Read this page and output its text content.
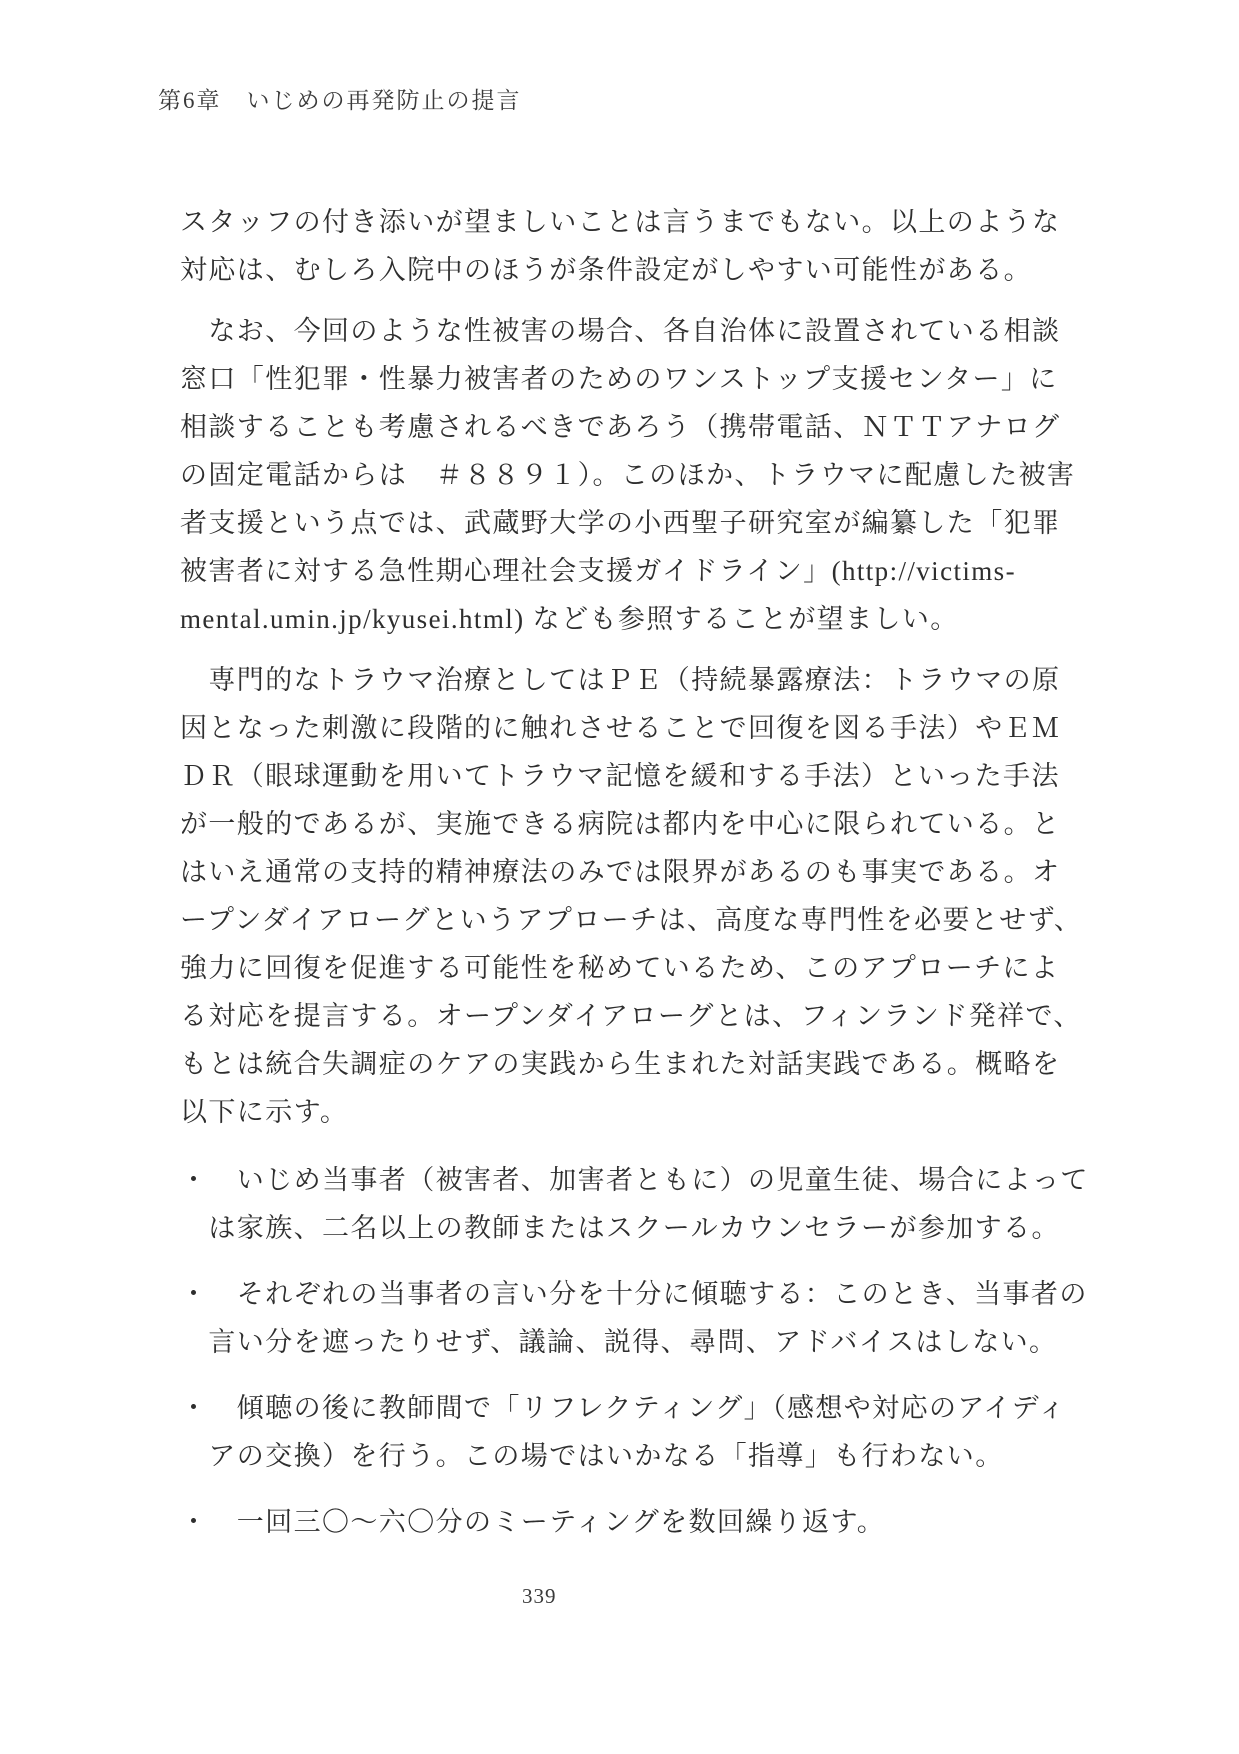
第6章　いじめの再発防止の提言
スタッフの付き添いが望ましいことは言うまでもない。以上のような
対応は、むしろ入院中のほうが条件設定がしやすい可能性がある。
　なお、今回のような性被害の場合、各自治体に設置されている相談
窓口「性犯罪・性暴力被害者のためのワンストップ支援センター」に
相談することも考慮されるべきであろう（携帯電話、ＮＴＴアナログ
の固定電話からは　＃８８９１）。このほか、トラウマに配慮した被害
者支援という点では、武蔵野大学の小西聖子研究室が編纂した「犯罪
被害者に対する急性期心理社会支援ガイドライン」(http://victims-
mental.umin.jp/kyusei.html) なども参照することが望ましい。
　専門的なトラウマ治療としてはＰＥ（持続暴露療法：トラウマの原
因となった刺激に段階的に触れさせることで回復を図る手法）やＥＭ
ＤＲ（眼球運動を用いてトラウマ記憶を緩和する手法）といった手法
が一般的であるが、実施できる病院は都内を中心に限られている。と
はいえ通常の支持的精神療法のみでは限界があるのも事実である。オ
ープンダイアローグというアプローチは、高度な専門性を必要とせず、
強力に回復を促進する可能性を秘めているため、このアプローチによ
る対応を提言する。オープンダイアローグとは、フィンランド発祥で、
もとは統合失調症のケアの実践から生まれた対話実践である。概略を
以下に示す。
・　いじめ当事者（被害者、加害者ともに）の児童生徒、場合によって
　は家族、二名以上の教師またはスクールカウンセラーが参加する。
・　それぞれの当事者の言い分を十分に傾聴する：このとき、当事者の
　言い分を遮ったりせず、議論、説得、尋問、アドバイスはしない。
・　傾聴の後に教師間で「リフレクティング」（感想や対応のアイディ
　アの交換）を行う。この場ではいかなる「指導」も行わない。
・　一回三〇～六〇分のミーティングを数回繰り返す。
339
